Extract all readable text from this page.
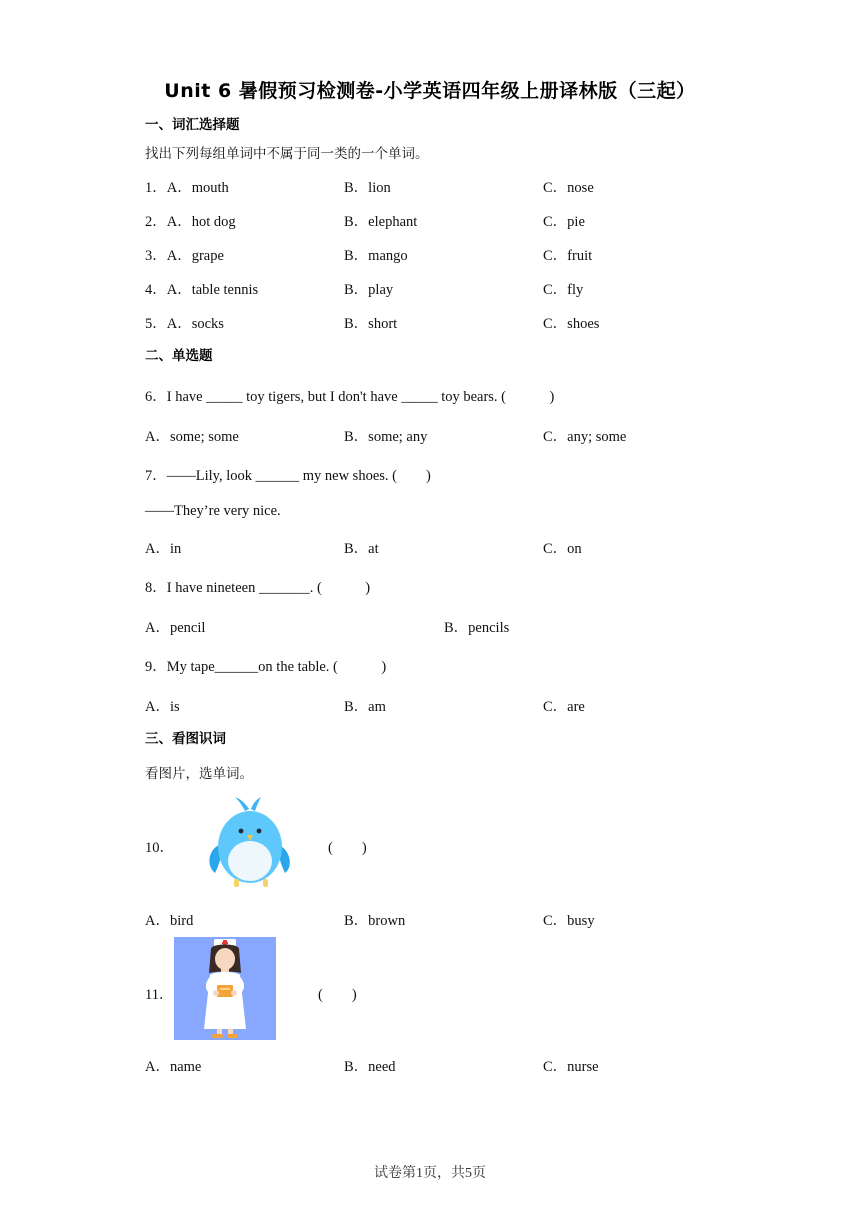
Unit 6 暑假预习检测卷-小学英语四年级上册译林版（三起）
一、词汇选择题
找出下列每组单词中不属于同一类的一个单词。
1．A．mouth	B．lion	C．nose
2．A．hot dog	B．elephant	C．pie
3．A．grape	B．mango	C．fruit
4．A．table tennis	B．play	C．fly
5．A．socks	B．short	C．shoes
二、单选题
6．I have _____ toy tigers, but I don't have _____ toy bears. (　　　)
A．some; some	B．some; any	C．any; some
7．——Lily, look ______ my new shoes. (　　)
——They’re very nice.
A．in	B．at	C．on
8．I have nineteen _______. (　　　)
A．pencil	B．pencils
9．My tape______on the table. (　　　)
A．is	B．am	C．are
三、看图识词
看图片，选单词。
10．	(　　)
A．bird	B．brown	C．busy
11．	(　　)
A．name	B．need	C．nurse
试卷第1页，共5页
